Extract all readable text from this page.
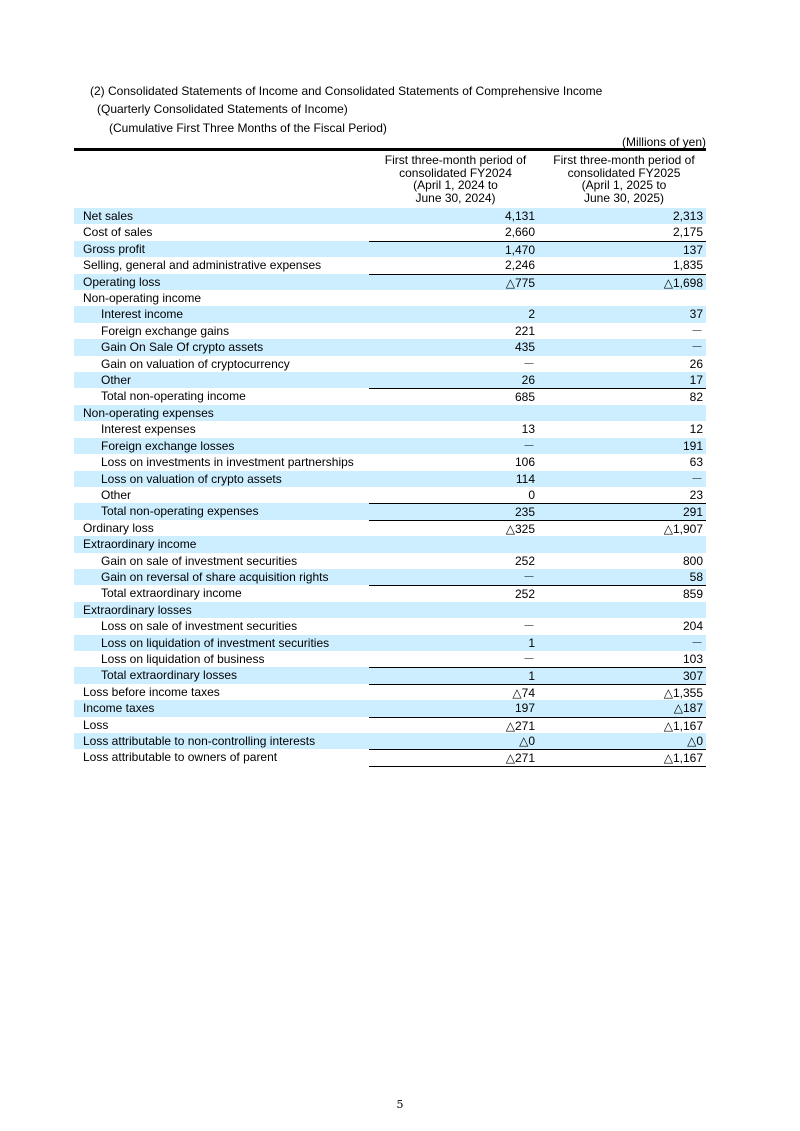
(2) Consolidated Statements of Income and Consolidated Statements of Comprehensive Income
(Quarterly Consolidated Statements of Income)
(Cumulative First Three Months of the Fiscal Period)
(Millions of yen)
First three-month period of
consolidated FY2024
(April 1, 2024 to
June 30, 2024)
First three-month period of
consolidated FY2025
(April 1, 2025 to
June 30, 2025)
Net sales	4,131	2,313
Cost of sales	2,660	2,175
Gross profit	1,470	137
Selling, general and administrative expenses	2,246	1,835
Operating loss	△775	△1,698
Non-operating income
Interest income	2	37
Foreign exchange gains	221	－
Gain On Sale Of crypto assets	435	－
Gain on valuation of cryptocurrency	－	26
Other	26	17
Total non-operating income	685	82
Non-operating expenses
Interest expenses	13	12
Foreign exchange losses	－	191
Loss on investments in investment partnerships	106	63
Loss on valuation of crypto assets	114	－
Other	0	23
Total non-operating expenses	235	291
Ordinary loss	△325	△1,907
Extraordinary income
Gain on sale of investment securities	252	800
Gain on reversal of share acquisition rights	－	58
Total extraordinary income	252	859
Extraordinary losses
Loss on sale of investment securities	－	204
Loss on liquidation of investment securities	1	－
Loss on liquidation of business	－	103
Total extraordinary losses	1	307
Loss before income taxes	△74	△1,355
Income taxes	197	△187
Loss	△271	△1,167
Loss attributable to non-controlling interests	△0	△0
Loss attributable to owners of parent	△271	△1,167
5
